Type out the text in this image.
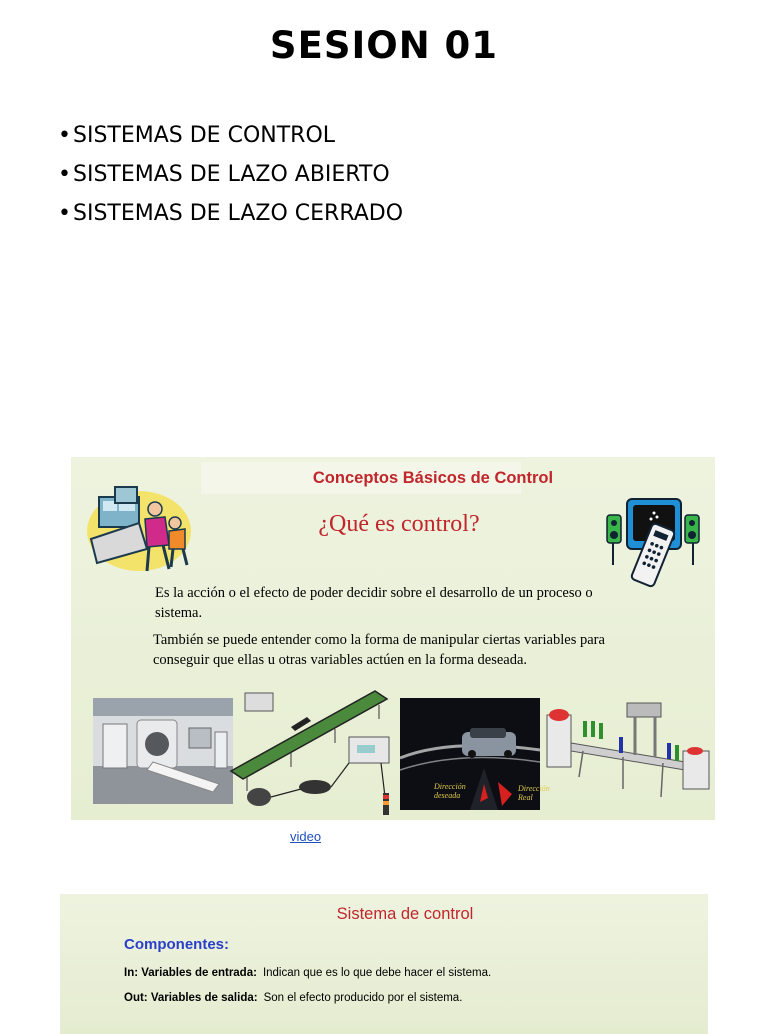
SESION 01
•SISTEMAS DE CONTROL
•SISTEMAS DE LAZO ABIERTO
•SISTEMAS DE LAZO CERRADO
Conceptos Básicos de Control
¿Qué es control?
Es la acción o el efecto de poder decidir sobre el desarrollo de un proceso o sistema.
También se puede entender como la forma de manipular ciertas variables para conseguir que ellas u otras variables actúen en la forma deseada.
Dirección deseada
Dirección Real
video
Sistema de control
Componentes:
In: Variables de entrada: Indican que es lo que debe hacer el sistema.
Out: Variables de salida: Son el efecto producido por el sistema.
